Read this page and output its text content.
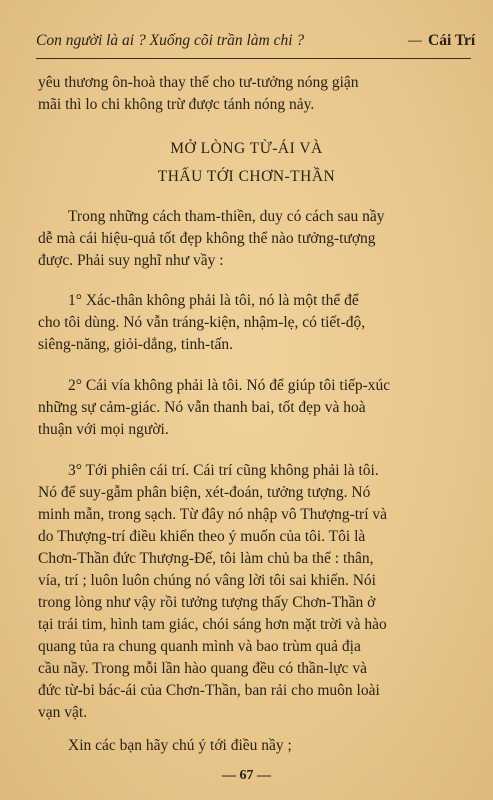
Con người là ai ? Xuống cõi trần làm chi ?	— Cái Trí
yêu thương ôn-hoà thay thế cho tư-tưởng nóng giận
mãi thì lo chi không trừ được tánh nóng nảy.
MỞ LÒNG TỪ-ÁI VÀ
THẤU TỚI CHƠN-THẦN
Trong những cách tham-thiền, duy có cách sau nầy
dễ mà cái hiệu-quả tốt đẹp không thể nào tưởng-tượng
được. Phải suy nghĩ như vầy :
1° Xác-thân không phải là tôi, nó là một thể để
cho tôi dùng. Nó vẫn tráng-kiện, nhậm-lẹ, có tiết-độ,
siêng-năng, giỏi-dắng, tinh-tấn.
2° Cái vía không phải là tôi. Nó để giúp tôi tiếp-xúc
những sự cảm-giác. Nó vẫn thanh bai, tốt đẹp và hoà
thuận với mọi người.
3° Tới phiên cái trí. Cái trí cũng không phải là tôi.
Nó để suy-gẫm phân biện, xét-đoán, tưởng tượng. Nó
minh mẫn, trong sạch. Từ đây nó nhập vô Thượng-trí và
do Thượng-trí điều khiển theo ý muốn của tôi. Tôi là
Chơn-Thần đức Thượng-Đế, tôi làm chủ ba thể : thân,
vía, trí ; luôn luôn chúng nó vâng lời tôi sai khiến. Nói
trong lòng như vậy rồi tưởng tượng thấy Chơn-Thần ở
tại trái tim, hình tam giác, chói sáng hơn mặt trời và hào
quang tủa ra chung quanh mình và bao trùm quả địa
cầu nầy. Trong mỗi lần hào quang đều có thần-lực và
đức từ-bi bác-ái của Chơn-Thần, ban rải cho muôn loài
vạn vật.
Xin các bạn hãy chú ý tới điều nầy ;
— 67 —
